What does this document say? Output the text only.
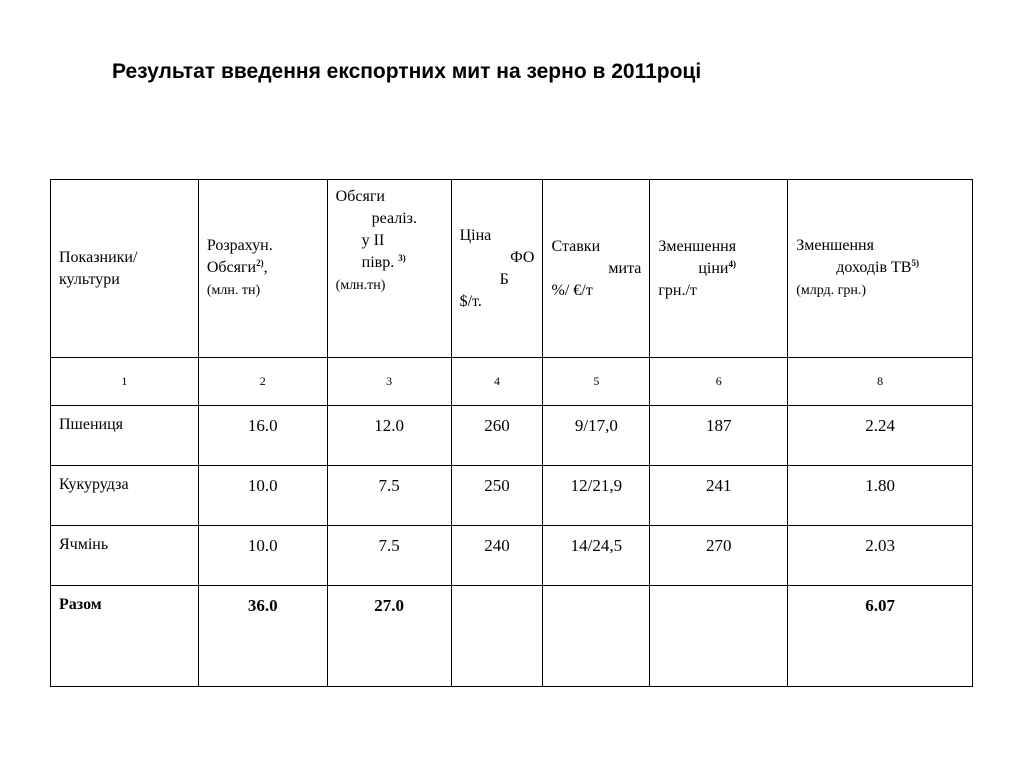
Результат введення експортних мит на зерно в 2011році
Показники/
культури	Розрахун.
Обсяги$^{2)}$,
(млн. тн)	Обсяги
реаліз.
у ІІ
півр. $^{3)}$
(млн.тн)	Ціна
ФО
Б
$/т.	Ставки
мита
%/ €/т	Зменшення
ціни$^{4)}$
грн./т	Зменшення
доходів ТВ$^{5)}$
(млрд. грн.)
1	2	3	4	5	6	8
Пшениця	16.0	12.0	260	9/17,0	187	2.24
Кукурудза	10.0	7.5	250	12/21,9	241	1.80
Ячмінь	10.0	7.5	240	14/24,5	270	2.03
Разом	36.0	27.0				6.07
